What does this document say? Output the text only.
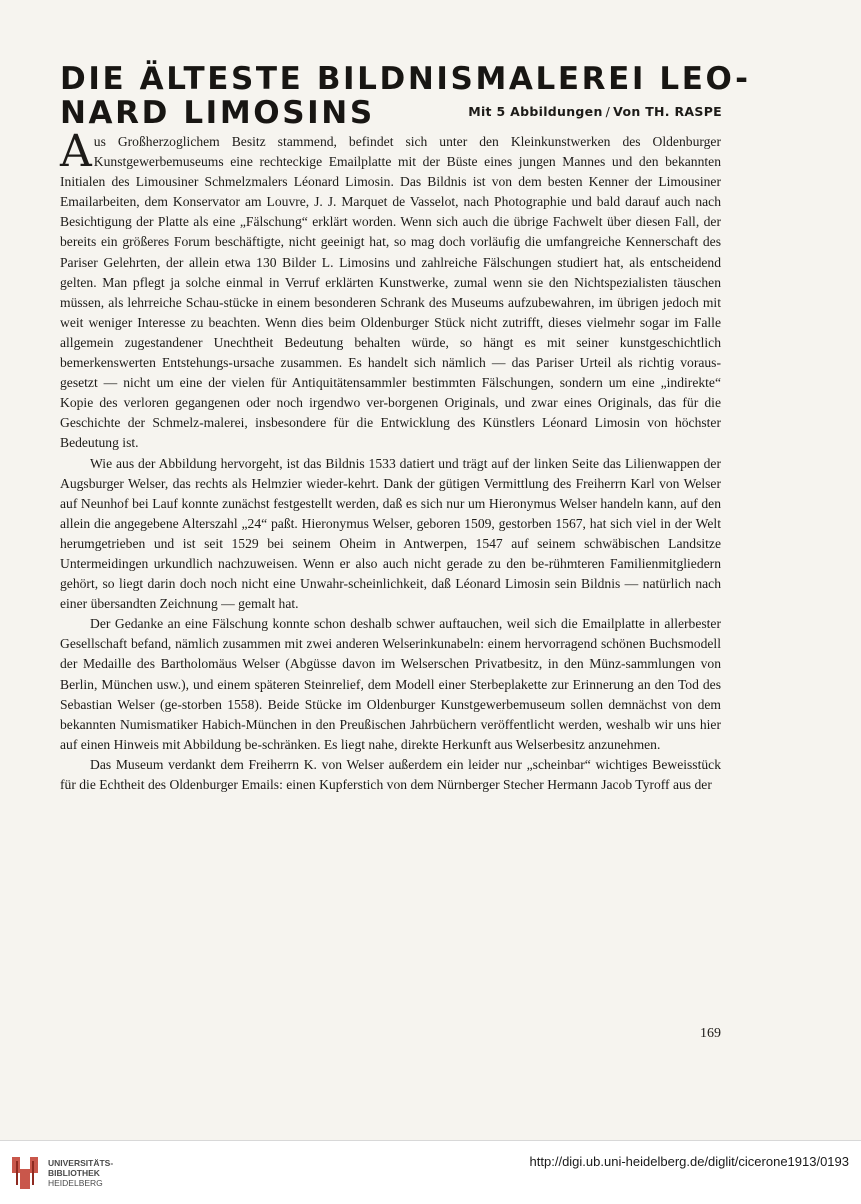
DIE ÄLTESTE BILDNISMALEREI LEO-
NARD LIMOSINS	Mit 5 Abbildungen / Von TH. RASPE

Aus Großherzoglichem Besitz stammend, befindet sich unter den Kleinkunstwerken des Oldenburger Kunstgewerbemuseums eine rechteckige Emailplatte mit der Büste eines jungen Mannes und den bekannten Initialen des Limousiner Schmelzmalers Léonard Limosin. Das Bildnis ist von dem besten Kenner der Limousiner Emailarbeiten, dem Konservator am Louvre, J. J. Marquet de Vasselot, nach Photographie und bald darauf auch nach Besichtigung der Platte als eine „Fälschung“ erklärt worden. Wenn sich auch die übrige Fachwelt über diesen Fall, der bereits ein größeres Forum beschäftigte, nicht geeinigt hat, so mag doch vorläufig die umfangreiche Kennerschaft des Pariser Gelehrten, der allein etwa 130 Bilder L. Limosins und zahlreiche Fälschungen studiert hat, als entscheidend gelten. Man pflegt ja solche einmal in Verruf erklärten Kunstwerke, zumal wenn sie den Nichtspezialisten täuschen müssen, als lehrreiche Schau-stücke in einem besonderen Schrank des Museums aufzubewahren, im übrigen jedoch mit weit weniger Interesse zu beachten. Wenn dies beim Oldenburger Stück nicht zutrifft, dieses vielmehr sogar im Falle allgemein zugestandener Unechtheit Bedeutung behalten würde, so hängt es mit seiner kunstgeschichtlich bemerkenswerten Entstehungs-ursache zusammen. Es handelt sich nämlich — das Pariser Urteil als richtig voraus-gesetzt — nicht um eine der vielen für Antiquitätensammler bestimmten Fälschungen, sondern um eine „indirekte“ Kopie des verloren gegangenen oder noch irgendwo ver-borgenen Originals, und zwar eines Originals, das für die Geschichte der Schmelz-malerei, insbesondere für die Entwicklung des Künstlers Léonard Limosin von höchster Bedeutung ist.

Wie aus der Abbildung hervorgeht, ist das Bildnis 1533 datiert und trägt auf der linken Seite das Lilienwappen der Augsburger Welser, das rechts als Helmzier wieder-kehrt. Dank der gütigen Vermittlung des Freiherrn Karl von Welser auf Neunhof bei Lauf konnte zunächst festgestellt werden, daß es sich nur um Hieronymus Welser handeln kann, auf den allein die angegebene Alterszahl „24“ paßt. Hieronymus Welser, geboren 1509, gestorben 1567, hat sich viel in der Welt herumgetrieben und ist seit 1529 bei seinem Oheim in Antwerpen, 1547 auf seinem schwäbischen Landsitze Untermeidingen urkundlich nachzuweisen. Wenn er also auch nicht gerade zu den be-rühmteren Familienmitgliedern gehört, so liegt darin doch noch nicht eine Unwahr-scheinlichkeit, daß Léonard Limosin sein Bildnis — natürlich nach einer übersandten Zeichnung — gemalt hat.

Der Gedanke an eine Fälschung konnte schon deshalb schwer auftauchen, weil sich die Emailplatte in allerbester Gesellschaft befand, nämlich zusammen mit zwei anderen Welserinkunabeln: einem hervorragend schönen Buchsmodell der Medaille des Bartholomäus Welser (Abgüsse davon im Welserschen Privatbesitz, in den Münz-sammlungen von Berlin, München usw.), und einem späteren Steinrelief, dem Modell einer Sterbeplakette zur Erinnerung an den Tod des Sebastian Welser (ge-storben 1558). Beide Stücke im Oldenburger Kunstgewerbemuseum sollen demnächst von dem bekannten Numismatiker Habich-München in den Preußischen Jahrbüchern veröffentlicht werden, weshalb wir uns hier auf einen Hinweis mit Abbildung be-schränken. Es liegt nahe, direkte Herkunft aus Welserbesitz anzunehmen.

Das Museum verdankt dem Freiherrn K. von Welser außerdem ein leider nur „scheinbar“ wichtiges Beweisstück für die Echtheit des Oldenburger Emails: einen Kupferstich von dem Nürnberger Stecher Hermann Jacob Tyroff aus der

169
UNIVERSITÄTS-
BIBLIOTHEK
HEIDELBERG
http://digi.ub.uni-heidelberg.de/diglit/cicerone1913/0193
